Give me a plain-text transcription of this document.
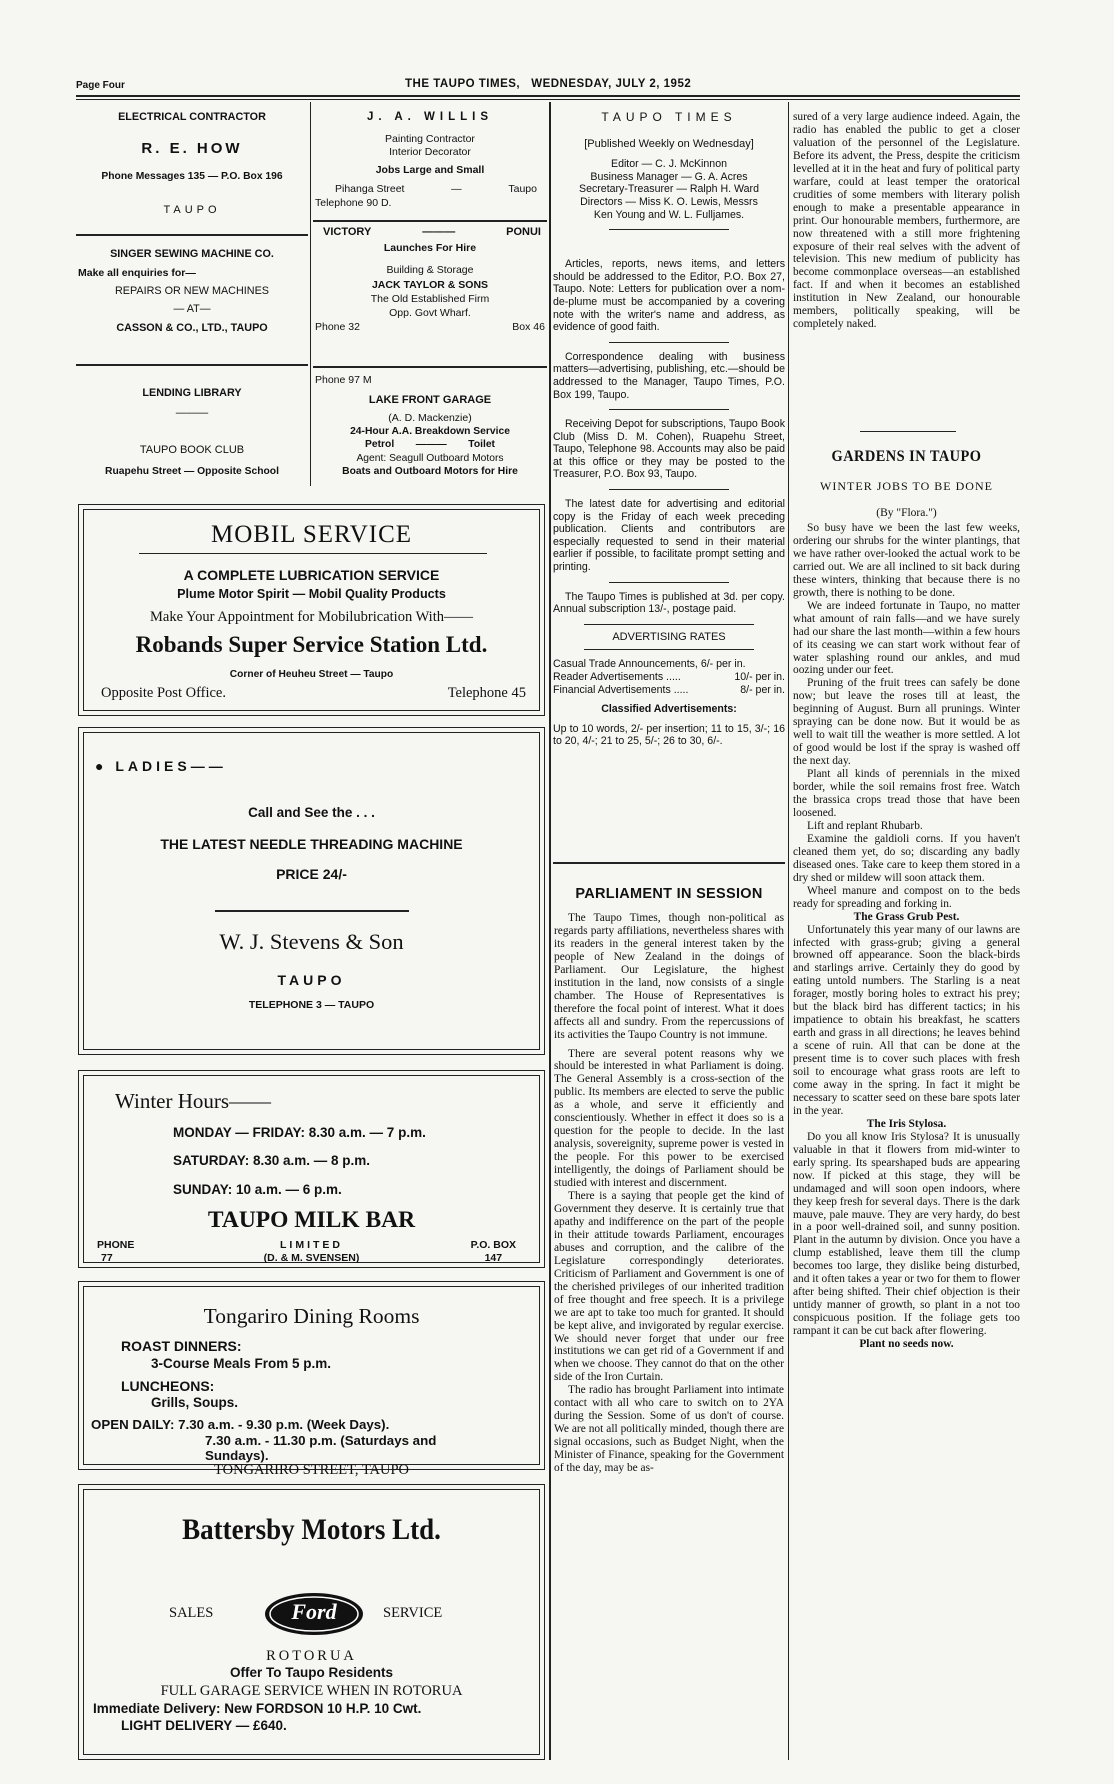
Page Four	THE TAUPO TIMES, WEDNESDAY, JULY 2, 1952
ELECTRICAL CONTRACTOR
R. E. HOW
Phone Messages 135 — P.O. Box 196
TAUPO
SINGER SEWING MACHINE CO.
Make all enquiries for—
REPAIRS OR NEW MACHINES
— AT—
CASSON & CO., LTD., TAUPO
LENDING LIBRARY
———
TAUPO BOOK CLUB
Ruapehu Street — Opposite School
J. A. WILLIS
Painting Contractor
Interior Decorator
Jobs Large and Small
Pihanga Street	—	Taupo
Telephone 90 D.
VICTORY	———	PONUI
Launches For Hire
Building & Storage
JACK TAYLOR & SONS
The Old Established Firm
Opp. Govt Wharf.
Phone 32	Box 46
Phone 97 M
LAKE FRONT GARAGE
(A. D. Mackenzie)
24-Hour A.A. Breakdown Service
Petrol ——— Toilet
Agent: Seagull Outboard Motors
Boats and Outboard Motors for Hire
MOBIL SERVICE
A COMPLETE LUBRICATION SERVICE
Plume Motor Spirit — Mobil Quality Products
Make Your Appointment for Mobilubrication With——
Robands Super Service Station Ltd.
Corner of Heuheu Street — Taupo
Opposite Post Office.	Telephone 45
● LADIES——
Call and See the . . .
THE LATEST NEEDLE THREADING MACHINE
PRICE 24/-
W. J. Stevens & Son
TAUPO
TELEPHONE 3 — TAUPO
Winter Hours——
MONDAY — FRIDAY: 8.30 a.m. — 7 p.m.
SATURDAY: 8.30 a.m. — 8 p.m.
SUNDAY: 10 a.m. — 6 p.m.
TAUPO MILK BAR
PHONE
77
LIMITED
(D. & M. SVENSEN)
P.O. BOX
147
Tongariro Dining Rooms
ROAST DINNERS:
3-Course Meals From 5 p.m.
LUNCHEONS:
Grills, Soups.
OPEN DAILY: 7.30 a.m. - 9.30 p.m. (Week Days).
7.30 a.m. - 11.30 p.m. (Saturdays and
Sundays).
TONGARIRO STREET, TAUPO
Battersby Motors Ltd.
SALES	Ford	SERVICE
ROTORUA
Offer To Taupo Residents
FULL GARAGE SERVICE WHEN IN ROTORUA
Immediate Delivery: New FORDSON 10 H.P. 10 Cwt.
LIGHT DELIVERY — £640.
TAUPO TIMES
[Published Weekly on Wednesday]
Editor — C. J. McKinnon
Business Manager — G. A. Acres
Secretary-Treasurer — Ralph H. Ward
Directors — Miss K. O. Lewis, Messrs
Ken Young and W. L. Fulljames.

Articles, reports, news items, and letters should be addressed to the Editor, P.O. Box 27, Taupo. Note: Letters for publication over a nom-de-plume must be accompanied by a covering note with the writer's name and address, as evidence of good faith.

Correspondence dealing with business matters—advertising, publishing, etc.—should be addressed to the Manager, Taupo Times, P.O. Box 199, Taupo.

Receiving Depot for subscriptions, Taupo Book Club (Miss D. M. Cohen), Ruapehu Street, Taupo, Telephone 98. Accounts may also be paid at this office or they may be posted to the Treasurer, P.O. Box 93, Taupo.

The latest date for advertising and editorial copy is the Friday of each week preceding publication. Clients and contributors are especially requested to send in their material earlier if possible, to facilitate prompt setting and printing.

The Taupo Times is published at 3d. per copy. Annual subscription 13/-, postage paid.

ADVERTISING RATES
Casual Trade Announcements, 6/- per in.
Reader Advertisements .....	10/- per in.
Financial Advertisements .....	8/- per in.
Classified Advertisements:

Up to 10 words, 2/- per insertion; 11 to 15, 3/-; 16 to 20, 4/-; 21 to 25, 5/-; 26 to 30, 6/-.

PARLIAMENT IN SESSION

The Taupo Times, though non-political as regards party affiliations, nevertheless shares with its readers in the general interest taken by the people of New Zealand in the doings of Parliament. Our Legislature, the highest institution in the land, now consists of a single chamber. The House of Representatives is therefore the focal point of interest. What it does affects all and sundry. From the repercussions of its activities the Taupo Country is not immune.

There are several potent reasons why we should be interested in what Parliament is doing. The General Assembly is a cross-section of the public. Its members are elected to serve the public as a whole, and serve it efficiently and conscientiously. Whether in effect it does so is a question for the people to decide. In the last analysis, sovereignity, supreme power is vested in the people. For this power to be exercised intelligently, the doings of Parliament should be studied with interest and discernment.

There is a saying that people get the kind of Government they deserve. It is certainly true that apathy and indifference on the part of the people in their attitude towards Parliament, encourages abuses and corruption, and the calibre of the Legislature correspondingly deteriorates. Criticism of Parliament and Government is one of the cherished privileges of our inherited tradition of free thought and free speech. It is a privilege we are apt to take too much for granted. It should be kept alive, and invigorated by regular exercise. We should never forget that under our free institutions we can get rid of a Government if and when we choose. They cannot do that on the other side of the Iron Curtain.

The radio has brought Parliament into intimate contact with all who care to switch on to 2YA during the Session. Some of us don't of course. We are not all politically minded, though there are signal occasions, such as Budget Night, when the Minister of Finance, speaking for the Government of the day, may be as-

sured of a very large audience indeed. Again, the radio has enabled the public to get a closer valuation of the personnel of the Legislature. Before its advent, the Press, despite the criticism levelled at it in the heat and fury of political party warfare, could at least temper the oratorical crudities of some members with literary polish enough to make a presentable appearance in print. Our honourable members, furthermore, are now threatened with a still more frightening exposure of their real selves with the advent of television. This new medium of publicity has become commonplace overseas—an established fact. If and when it becomes an established institution in New Zealand, our honourable members, politically speaking, will be completely naked.

GARDENS IN TAUPO
WINTER JOBS TO BE DONE
(By "Flora.")

So busy have we been the last few weeks, ordering our shrubs for the winter plantings, that we have rather over-looked the actual work to be carried out. We are all inclined to sit back during these winters, thinking that because there is no growth, there is nothing to be done.

We are indeed fortunate in Taupo, no matter what amount of rain falls—and we have surely had our share the last month—within a few hours of its ceasing we can start work without fear of water splashing round our ankles, and mud oozing under our feet.

Pruning of the fruit trees can safely be done now; but leave the roses till at least, the beginning of August. Burn all prunings. Winter spraying can be done now. But it would be as well to wait till the weather is more settled. A lot of good would be lost if the spray is washed off the next day.

Plant all kinds of perennials in the mixed border, while the soil remains frost free. Watch the brassica crops tread those that have been loosened.

Lift and replant Rhubarb.

Examine the galdioli corns. If you haven't cleaned them yet, do so; discarding any badly diseased ones. Take care to keep them stored in a dry shed or mildew will soon attack them.

Wheel manure and compost on to the beds ready for spreading and forking in.

The Grass Grub Pest.

Unfortunately this year many of our lawns are infected with grass-grub; giving a general browned off appearance. Soon the black-birds and starlings arrive. Certainly they do good by eating untold numbers. The Starling is a neat forager, mostly boring holes to extract his prey; but the black bird has different tactics; in his impatience to obtain his breakfast, he scatters earth and grass in all directions; he leaves behind a scene of ruin. All that can be done at the present time is to cover such places with fresh soil to encourage what grass roots are left to come away in the spring. In fact it might be necessary to scatter seed on these bare spots later in the year.

The Iris Stylosa.

Do you all know Iris Stylosa? It is unusually valuable in that it flowers from mid-winter to early spring. Its spearshaped buds are appearing now. If picked at this stage, they will be undamaged and will soon open indoors, where they keep fresh for several days. There is the dark mauve, pale mauve. They are very hardy, do best in a poor well-drained soil, and sunny position. Plant in the autumn by division. Once you have a clump established, leave them till the clump becomes too large, they dislike being disturbed, and it often takes a year or two for them to flower after being shifted. Their chief objection is their untidy manner of growth, so plant in a not too conspicuous position. If the foliage gets too rampant it can be cut back after flowering.

Plant no seeds now.
